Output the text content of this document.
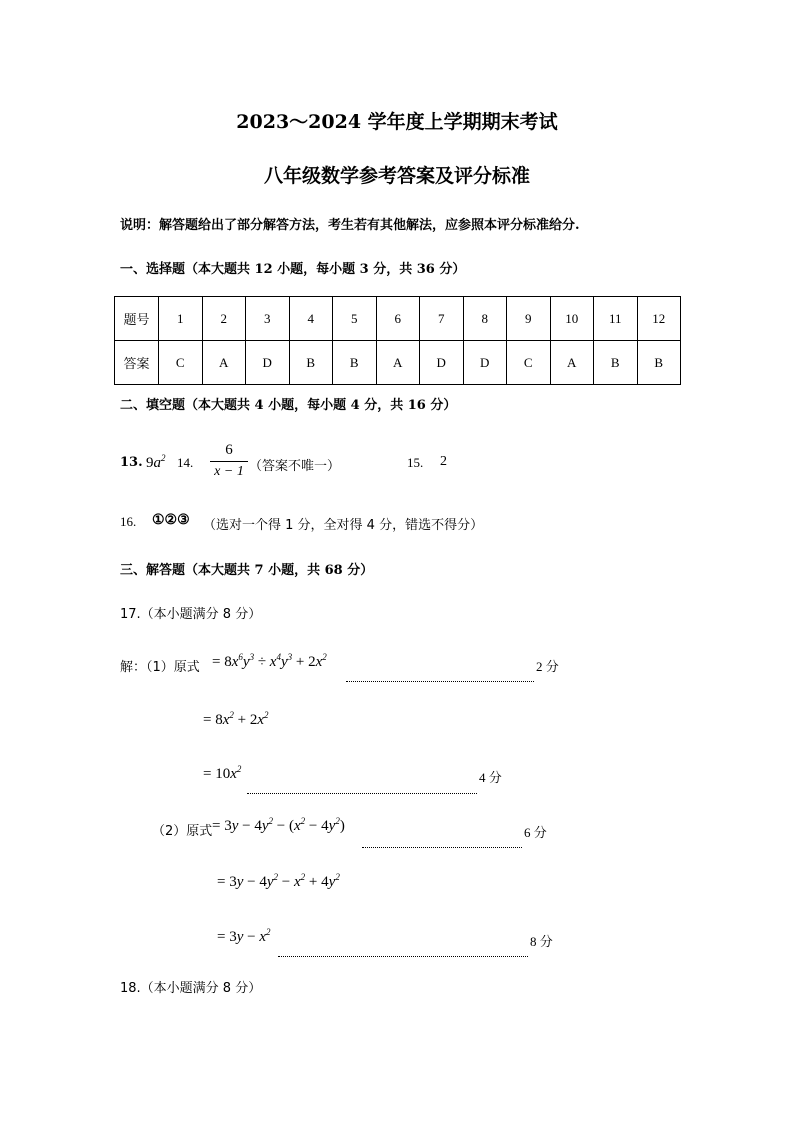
2023～2024 学年度上学期期末考试
八年级数学参考答案及评分标准
说明：解答题给出了部分解答方法，考生若有其他解法，应参照本评分标准给分.
一、选择题（本大题共 12 小题，每小题 3 分，共 36 分）
题号	1	2	3	4	5	6	7	8	9	10	11	12
答案	C	A	D	B	B	A	D	D	C	A	B	B
二、填空题（本大题共 4 小题，每小题 4 分，共 16 分）
13. $9a^2$ 14.
6
x − 1 （答案不唯一）	15. 2
16. ①②③ （选对一个得 1 分，全对得 4 分，错选不得分）
三、解答题（本大题共 7 小题，共 68 分）
17.（本小题满分 8 分）
解：（1）原式 = $8x^6y^3 \div x^4y^3 + 2x^2$
2 分
= $8x^2 + 2x^2$
= $10x^2$
4 分
（2）原式 = $3y - 4y^2 - (x^2 - 4y^2)$	6 分
= $3y - 4y^2 - x^2 + 4y^2$
= $3y - x^2$
8 分
18.（本小题满分 8 分）
